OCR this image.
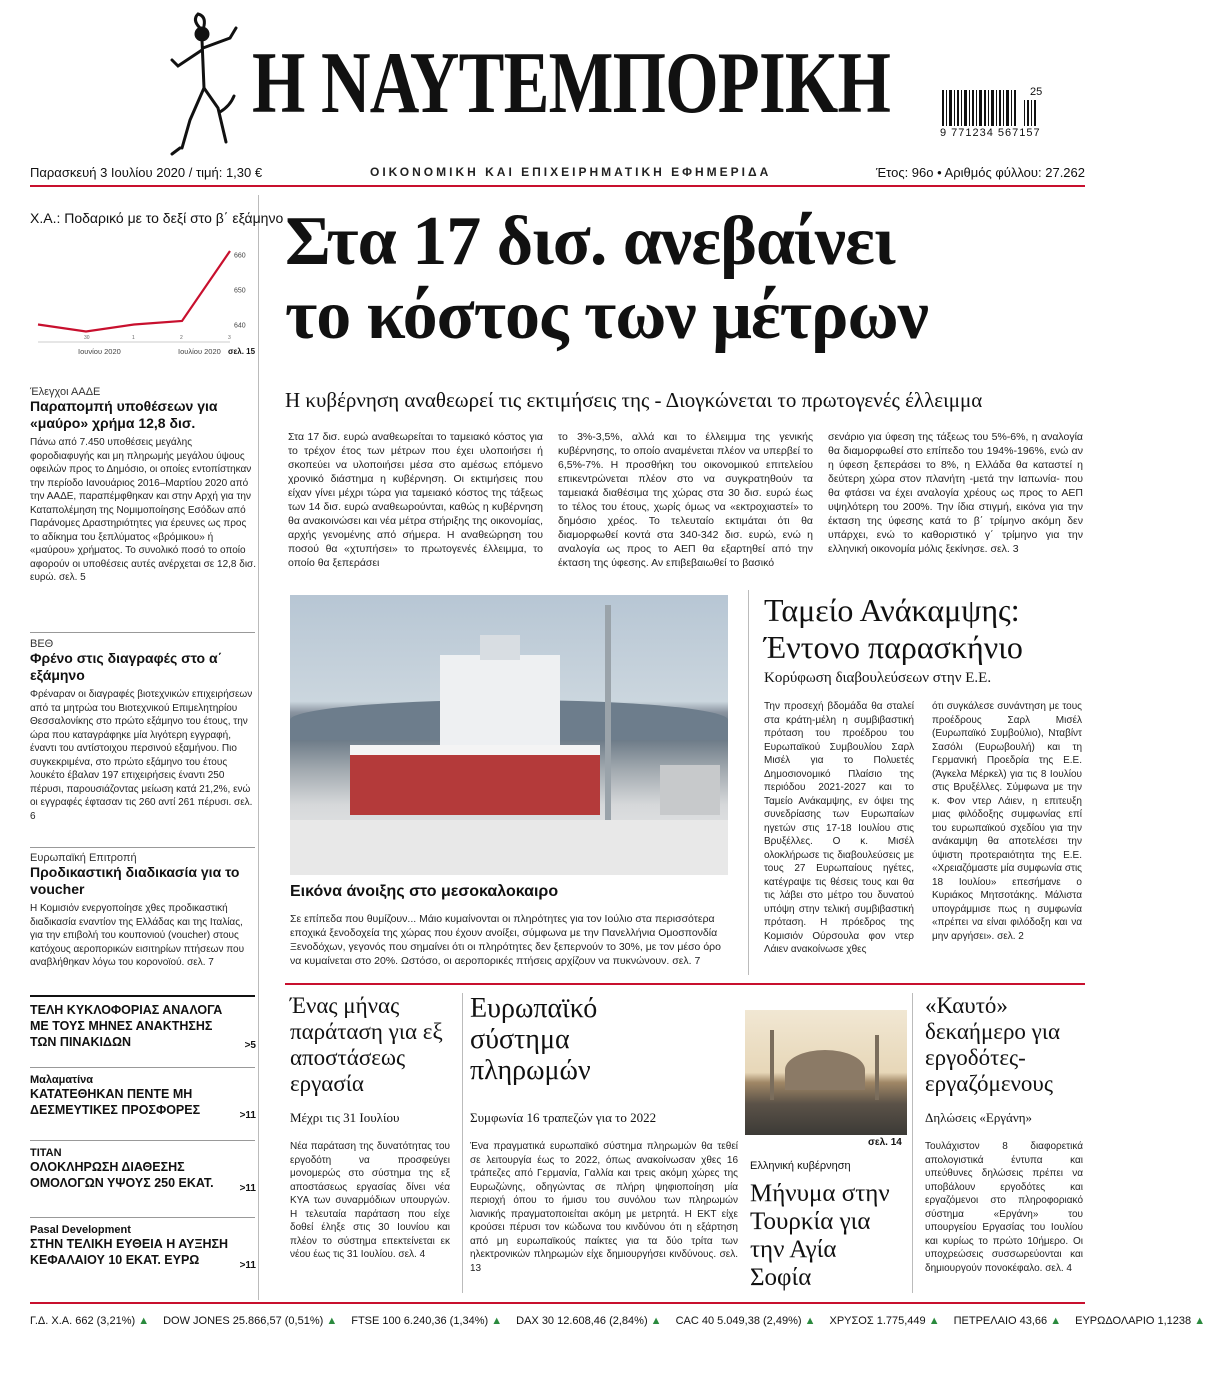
Η ΝΑΥΤΕΜΠΟΡΙΚΗ	25
9 771234 567157
Παρασκευή 3 Ιουλίου 2020 / τιμή: 1,30 €	ΟΙΚΟΝΟΜΙΚΗ ΚΑΙ ΕΠΙΧΕΙΡΗΜΑΤΙΚΗ ΕΦΗΜΕΡΙΔΑ	Έτος: 96ο • Αριθμός φύλλου: 27.262
Χ.Α.: Ποδαρικό με το δεξί στο β΄ εξάμηνο
660
650
640
30	1	2	3
Ιουνίου 2020	Ιουλίου 2020 σελ. 15
Έλεγχοι ΑΑΔΕ
Παραπομπή υποθέσεων για «μαύρο» χρήμα 12,8 δισ.
Πάνω από 7.450 υποθέσεις μεγάλης φοροδιαφυγής και μη πληρωμής μεγάλου ύψους οφειλών προς το Δημόσιο, οι οποίες εντοπίστηκαν την περίοδο Ιανουάριος 2016–Μαρτίου 2020 από την ΑΑΔΕ, παραπέμφθηκαν και στην Αρχή για την Καταπολέμηση της Νομιμοποίησης Εσόδων από Παράνομες Δραστηριότητες για έρευνες ως προς το αδίκημα του ξεπλύματος «βρόμικου» ή «μαύρου» χρήματος. Το συνολικό ποσό το οποίο αφορούν οι υποθέσεις αυτές ανέρχεται σε 12,8 δισ. ευρώ. σελ. 5
ΒΕΘ
Φρένο στις διαγραφές στο α΄ εξάμηνο
Φρέναραν οι διαγραφές βιοτεχνικών επιχειρήσεων από τα μητρώα του Βιοτεχνικού Επιμελητηρίου Θεσσαλονίκης στο πρώτο εξάμηνο του έτους, την ώρα που καταγράφηκε μία λιγότερη εγγραφή, έναντι του αντίστοιχου περσινού εξαμήνου. Πιο συγκεκριμένα, στο πρώτο εξάμηνο του έτους λουκέτο έβαλαν 197 επιχειρήσεις έναντι 250 πέρυσι, παρουσιάζοντας μείωση κατά 21,2%, ενώ οι εγγραφές έφτασαν τις 260 αντί 261 πέρυσι. σελ. 6
Ευρωπαϊκή Επιτροπή
Προδικαστική διαδικασία για το voucher
Η Κομισιόν ενεργοποίησε χθες προδικαστική διαδικασία εναντίον της Ελλάδας και της Ιταλίας, για την επιβολή του κουπονιού (voucher) στους κατόχους αεροπορικών εισιτηρίων πτήσεων που αναβλήθηκαν λόγω του κορονοϊού. σελ. 7
ΤΕΛΗ ΚΥΚΛΟΦΟΡΙΑΣ ΑΝΑΛΟΓΑ ΜΕ ΤΟΥΣ ΜΗΝΕΣ ΑΝΑΚΤΗΣΗΣ ΤΩΝ ΠΙΝΑΚΙΔΩΝ	>5
Μαλαματίνα
ΚΑΤΑΤΕΘΗΚΑΝ ΠΕΝΤΕ ΜΗ ΔΕΣΜΕΥΤΙΚΕΣ ΠΡΟΣΦΟΡΕΣ	>11
ΤΙΤΑΝ
ΟΛΟΚΛΗΡΩΣΗ ΔΙΑΘΕΣΗΣ ΟΜΟΛΟΓΩΝ ΥΨΟΥΣ 250 ΕΚΑΤ.	>11
Pasal Development
ΣΤΗΝ ΤΕΛΙΚΗ ΕΥΘΕΙΑ Η ΑΥΞΗΣΗ ΚΕΦΑΛΑΙΟΥ 10 ΕΚΑΤ. ΕΥΡΩ	>11
Στα 17 δισ. ανεβαίνει
το κόστος των μέτρων
Η κυβέρνηση αναθεωρεί τις εκτιμήσεις της - Διογκώνεται το πρωτογενές έλλειμμα
Στα 17 δισ. ευρώ αναθεωρείται το ταμειακό κόστος για το τρέχον έτος των μέτρων που έχει υλοποιήσει ή σκοπεύει να υλοποιήσει μέσα στο αμέσως επόμενο χρονικό διάστημα η κυβέρνηση. Οι εκτιμήσεις που είχαν γίνει μέχρι τώρα για ταμειακό κόστος της τάξεως των 14 δισ. ευρώ αναθεωρούνται, καθώς η κυβέρνηση θα ανακοινώσει και νέα μέτρα στήριξης της οικονομίας, αρχής γενομένης από σήμερα. Η αναθεώρηση του ποσού θα «χτυπήσει» το πρωτογενές έλλειμμα, το οποίο θα ξεπεράσει
το 3%-3,5%, αλλά και το έλλειμμα της γενικής κυβέρνησης, το οποίο αναμένεται πλέον να υπερβεί το 6,5%-7%. Η προσθήκη του οικονομικού επιτελείου επικεντρώνεται πλέον στο να συγκρατηθούν τα ταμειακά διαθέσιμα της χώρας στα 30 δισ. ευρώ έως το τέλος του έτους, χωρίς όμως να «εκτροχιαστεί» το δημόσιο χρέος. Το τελευταίο εκτιμάται ότι θα διαμορφωθεί κοντά στα 340-342 δισ. ευρώ, ενώ η αναλογία ως προς το ΑΕΠ θα εξαρτηθεί από την έκταση της ύφεσης. Αν επιβεβαιωθεί το βασικό
σενάριο για ύφεση της τάξεως του 5%-6%, η αναλογία θα διαμορφωθεί στο επίπεδο του 194%-196%, ενώ αν η ύφεση ξεπεράσει το 8%, η Ελλάδα θα καταστεί η δεύτερη χώρα στον πλανήτη -μετά την Ιαπωνία- που θα φτάσει να έχει αναλογία χρέους ως προς το ΑΕΠ υψηλότερη του 200%. Την ίδια στιγμή, εικόνα για την έκταση της ύφεσης κατά το β΄ τρίμηνο ακόμη δεν υπάρχει, ενώ το καθοριστικό γ΄ τρίμηνο για την ελληνική οικονομία μόλις ξεκίνησε. σελ. 3
Εικόνα άνοιξης στο μεσοκαλοκαιρο
Σε επίπεδα που θυμίζουν... Μάιο κυμαίνονται οι πληρότητες για τον Ιούλιο στα περισσότερα εποχικά ξενοδοχεία της χώρας που έχουν ανοίξει, σύμφωνα με την Πανελλήνια Ομοσπονδία Ξενοδόχων, γεγονός που σημαίνει ότι οι πληρότητες δεν ξεπερνούν το 30%, με τον μέσο όρο να κυμαίνεται στο 20%. Ωστόσο, οι αεροπορικές πτήσεις αρχίζουν να πυκνώνουν. σελ. 7
Ταμείο Ανάκαμψης:
Έντονο παρασκήνιο
Κορύφωση διαβουλεύσεων στην Ε.Ε.
Την προσεχή βδομάδα θα σταλεί στα κράτη-μέλη η συμβιβαστική πρόταση του προέδρου του Ευρωπαϊκού Συμβουλίου Σαρλ Μισέλ για το Πολυετές Δημοσιονομικό Πλαίσιο της περιόδου 2021-2027 και το Ταμείο Ανάκαμψης, εν όψει της συνεδρίασης των Ευρωπαίων ηγετών στις 17-18 Ιουλίου στις Βρυξέλλες. Ο κ. Μισέλ ολοκλήρωσε τις διαβουλεύσεις με τους 27 Ευρωπαίους ηγέτες, κατέγραψε τις θέσεις τους και θα τις λάβει στο μέτρο του δυνατού υπόψη στην τελική συμβιβαστική πρόταση. Η πρόεδρος της Κομισιόν Ούρσουλα φον ντερ Λάιεν ανακοίνωσε χθες
ότι συγκάλεσε συνάντηση με τους προέδρους Σαρλ Μισέλ (Ευρωπαϊκό Συμβούλιο), Νταβίντ Σασόλι (Ευρωβουλή) και τη Γερμανική Προεδρία της Ε.Ε. (Άγκελα Μέρκελ) για τις 8 Ιουλίου στις Βρυξέλλες. Σύμφωνα με την κ. Φον ντερ Λάιεν, η επιτευξη μιας φιλόδοξης συμφωνίας επί του ευρωπαϊκού σχεδίου για την ανάκαμψη θα αποτελέσει την ύψιστη προτεραιότητα της Ε.Ε. «Χρειαζόμαστε μία συμφωνία στις 18 Ιουλίου» επεσήμανε ο Κυριάκος Μητσοτάκης. Μάλιστα υπογράμμισε πως η συμφωνία «πρέπει να είναι φιλόδοξη και να μην αργήσει». σελ. 2
Ένας μήνας παράταση για εξ αποστάσεως εργασία
Μέχρι τις 31 Ιουλίου
Νέα παράταση της δυνατότητας του εργοδότη να προσφεύγει μονομερώς στο σύστημα της εξ αποστάσεως εργασίας δίνει νέα ΚΥΑ των συναρμόδιων υπουργών. Η τελευταία παράταση που είχε δοθεί έληξε στις 30 Ιουνίου και πλέον το σύστημα επεκτείνεται εκ νέου έως τις 31 Ιουλίου. σελ. 4
Ευρωπαϊκό σύστημα πληρωμών
Συμφωνία 16 τραπεζών για το 2022
Ένα πραγματικά ευρωπαϊκό σύστημα πληρωμών θα τεθεί σε λειτουργία έως το 2022, όπως ανακοίνωσαν χθες 16 τράπεζες από Γερμανία, Γαλλία και τρεις ακόμη χώρες της Ευρωζώνης, οδηγώντας σε πλήρη ψηφιοποίηση μία περιοχή όπου το ήμισυ του συνόλου των πληρωμών λιανικής πραγματοποιείται ακόμη με μετρητά. Η ΕΚΤ είχε κρούσει πέρυσι τον κώδωνα του κινδύνου ότι η εξάρτηση από μη ευρωπαϊκούς παίκτες για τα δύο τρίτα των ηλεκτρονικών πληρωμών είχε δημιουργήσει κινδύνους. σελ. 13
σελ. 14
Ελληνική κυβέρνηση
Μήνυμα στην Τουρκία για την Αγία Σοφία
«Καυτό» δεκαήμερο για εργοδότες-εργαζόμενους
Δηλώσεις «Εργάνη»
Τουλάχιστον 8 διαφορετικά απολογιστικά έντυπα και υπεύθυνες δηλώσεις πρέπει να υποβάλουν εργοδότες και εργαζόμενοι στο πληροφοριακό σύστημα «Εργάνη» του υπουργείου Εργασίας του Ιουλίου και κυρίως το πρώτο 10ήμερο. Οι υποχρεώσεις συσσωρεύονται και δημιουργούν πονοκέφαλο. σελ. 4
Γ.Δ. Χ.Α. 662 (3,21%) ▲ DOW JONES 25.866,57 (0,51%) ▲ FTSE 100 6.240,36 (1,34%) ▲ DAX 30 12.608,46 (2,84%) ▲ CAC 40 5.049,38 (2,49%) ▲ ΧΡΥΣΟΣ 1.775,449 ▲ ΠΕΤΡΕΛΑΙΟ 43,66 ▲ ΕΥΡΩΔΟΛΑΡΙΟ 1,1238 ▲
